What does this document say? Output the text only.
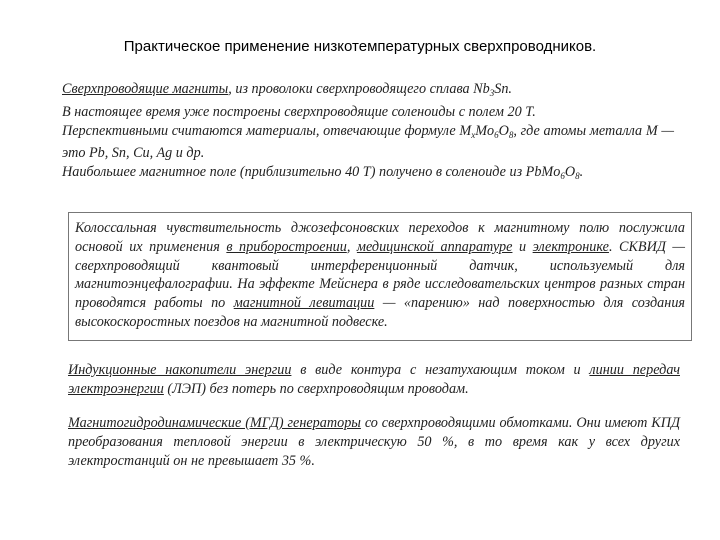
Практическое применение низкотемпературных сверхпроводников.

Сверхпроводящие магниты, из проволоки сверхпроводящего сплава $Nb_3Sn$.

В настоящее время уже построены сверхпроводящие соленоиды с полем 20 Т.

Перспективными считаются материалы, отвечающие формуле $M_xMo_6O_8$, где атомы металла M — это Pb, Sn, Cu, Ag и др.

Наибольшее магнитное поле (приблизительно 40 Т) получено в соленоиде из $PbMo_6O_8$.

Колоссальная чувствительность джозефсоновских переходов к магнитному полю послужила основой их применения в приборостроении, медицинской аппаратуре и электронике. СКВИД — сверхпроводящий квантовый интерференционный датчик, используемый для магнитоэнцефалографии. На эффекте Мейснера в ряде исследовательских центров разных стран проводятся работы по магнитной левитации — «парению» над поверхностью для создания высокоскоростных поездов на магнитной подвеске.

Индукционные накопители энергии в виде контура с незатухающим током и линии передач электроэнергии (ЛЭП) без потерь по сверхпроводящим проводам.

Магнитогидродинамические (МГД) генераторы со сверхпроводящими обмотками. Они имеют КПД преобразования тепловой энергии в электрическую 50 %, в то время как у всех других электростанций он не превышает 35 %.
